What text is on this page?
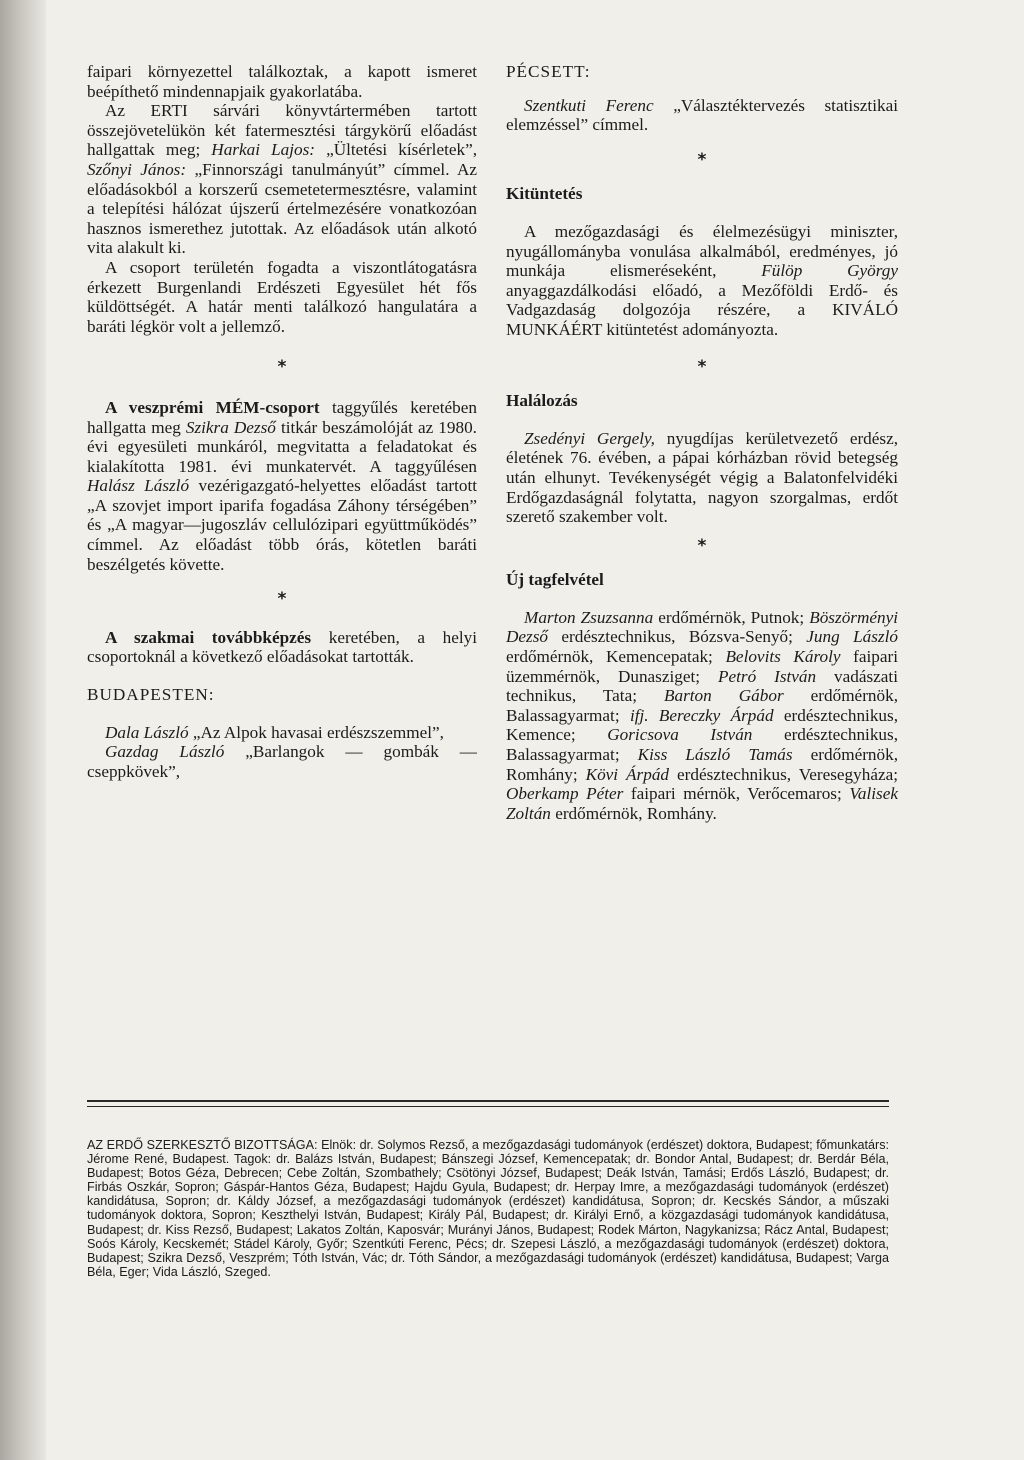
faipari környezettel találkoztak, a kapott ismeret beépíthető mindennapjaik gyakorlatába.

Az ERTI sárvári könyvtártermében tartott összejövetelükön két fatermesztési tárgykörű előadást hallgattak meg; Harkai Lajos: „Ültetési kísérletek”, Szőnyi János: „Finnországi tanulmányút” címmel. Az előadásokból a korszerű csemetetermesztésre, valamint a telepítési hálózat újszerű értelmezésére vonatkozóan hasznos ismerethez jutottak. Az előadások után alkotó vita alakult ki.

A csoport területén fogadta a viszontlátogatásra érkezett Burgenlandi Erdészeti Egyesület hét fős küldöttségét. A határ menti találkozó hangulatára a baráti légkör volt a jellemző.

*

A veszprémi MÉM-csoport taggyűlés keretében hallgatta meg Szikra Dezső titkár beszámolóját az 1980. évi egyesületi munkáról, megvitatta a feladatokat és kialakította 1981. évi munkatervét. A taggyűlésen Halász László vezérigazgató-helyettes előadást tartott „A szovjet import iparifa fogadása Záhony térségében” és „A magyar—jugoszláv cellulózipari együttműködés” címmel. Az előadást több órás, kötetlen baráti beszélgetés követte.

*

A szakmai továbbképzés keretében, a helyi csoportoknál a következő előadásokat tartották.

BUDAPESTEN:

Dala László „Az Alpok havasai erdészszemmel”,

Gazdag László „Barlangok — gombák — cseppkövek”,

PÉCSETT:

Szentkuti Ferenc „Választéktervezés statisztikai elemzéssel” címmel.

*

Kitüntetés

A mezőgazdasági és élelmezésügyi miniszter, nyugállományba vonulása alkalmából, eredményes, jó munkája elismeréseként, Fülöp György anyaggazdálkodási előadó, a Mezőföldi Erdő- és Vadgazdaság dolgozója részére, a KIVÁLÓ MUNKÁÉRT kitüntetést adományozta.

*

Halálozás

Zsedényi Gergely, nyugdíjas kerületvezető erdész, életének 76. évében, a pápai kórházban rövid betegség után elhunyt. Tevékenységét végig a Balatonfelvidéki Erdőgazdaságnál folytatta, nagyon szorgalmas, erdőt szerető szakember volt.

*

Új tagfelvétel

Marton Zsuzsanna erdőmérnök, Putnok; Böszörményi Dezső erdésztechnikus, Bózsva-Senyő; Jung László erdőmérnök, Kemencepatak; Belovits Károly faipari üzemmérnök, Dunasziget; Petró István vadászati technikus, Tata; Barton Gábor erdőmérnök, Balassagyarmat; ifj. Bereczky Árpád erdésztechnikus, Kemence; Goricsova István erdésztechnikus, Balassagyarmat; Kiss László Tamás erdőmérnök, Romhány; Kövi Árpád erdésztechnikus, Veresegyháza; Oberkamp Péter faipari mérnök, Verőcemaros; Valisek Zoltán erdőmérnök, Romhány.

AZ ERDŐ SZERKESZTŐ BIZOTTSÁGA: Elnök: dr. Solymos Rezső, a mezőgazdasági tudományok (erdészet) doktora, Budapest; főmunkatárs: Jérome René, Budapest. Tagok: dr. Balázs István, Budapest; Bánszegi József, Kemencepatak; dr. Bondor Antal, Budapest; dr. Berdár Béla, Budapest; Botos Géza, Debrecen; Cebe Zoltán, Szombathely; Csötönyi József, Budapest; Deák István, Tamási; Erdős László, Budapest; dr. Firbás Oszkár, Sopron; Gáspár-Hantos Géza, Budapest; Hajdu Gyula, Budapest; dr. Herpay Imre, a mezőgazdasági tudományok (erdészet) kandidátusa, Sopron; dr. Káldy József, a mezőgazdasági tudományok (erdészet) kandidátusa, Sopron; dr. Kecskés Sándor, a műszaki tudományok doktora, Sopron; Keszthelyi István, Budapest; Király Pál, Budapest; dr. Királyi Ernő, a közgazdasági tudományok kandidátusa, Budapest; dr. Kiss Rezső, Budapest; Lakatos Zoltán, Kaposvár; Murányi János, Budapest; Rodek Márton, Nagykanizsa; Rácz Antal, Budapest; Soós Károly, Kecskemét; Stádel Károly, Győr; Szentkúti Ferenc, Pécs; dr. Szepesi László, a mezőgazdasági tudományok (erdészet) doktora, Budapest; Szikra Dezső, Veszprém; Tóth István, Vác; dr. Tóth Sándor, a mezőgazdasági tudományok (erdészet) kandidátusa, Budapest; Varga Béla, Eger; Vida László, Szeged.
